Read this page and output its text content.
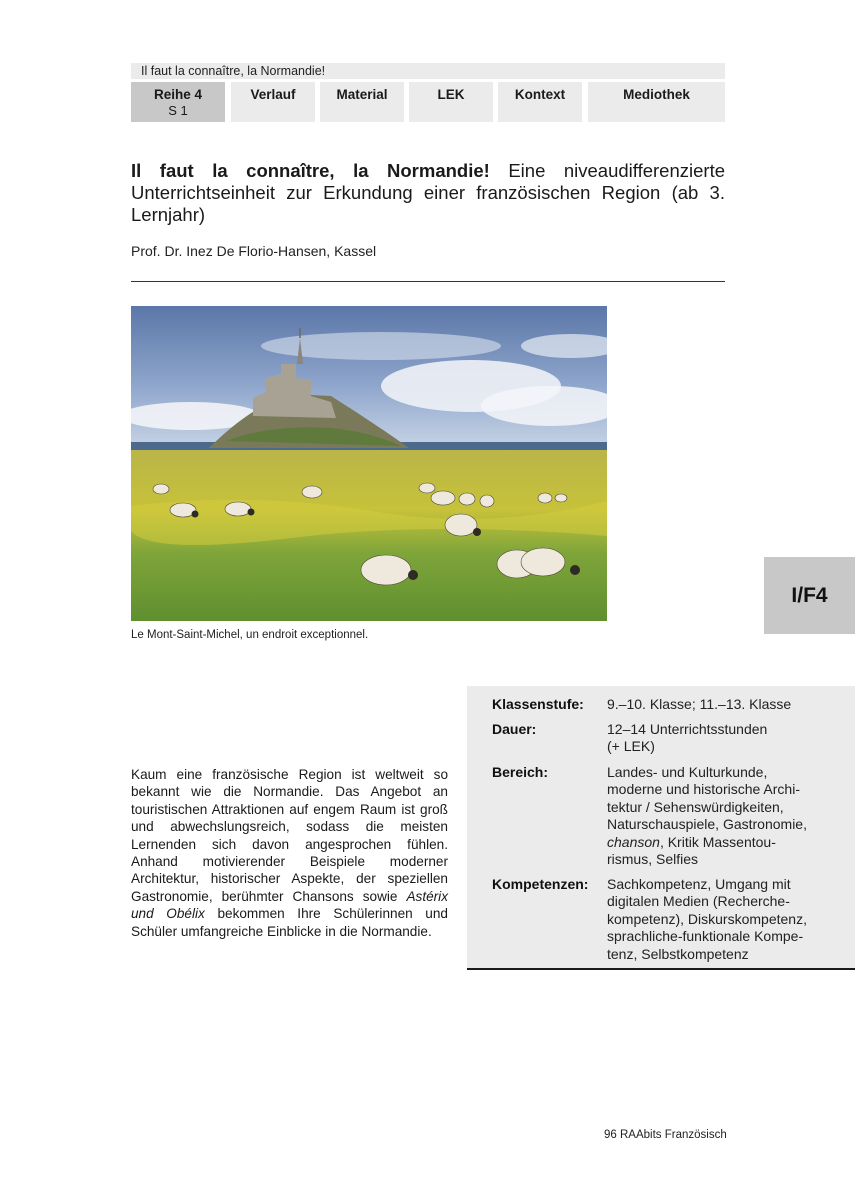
Il faut la connaître, la Normandie!
Reihe 4
S 1
Verlauf	Material	LEK	Kontext	Mediothek
Il faut la connaître, la Normandie! Eine niveaudifferenzierte Unterrichtseinheit zur Erkundung einer französischen Region (ab 3. Lernjahr)
Prof. Dr. Inez De Florio-Hansen, Kassel
Le Mont-Saint-Michel, un endroit exceptionnel.
I/F4
Kaum eine französische Region ist weltweit so bekannt wie die Normandie. Das Angebot an touristischen Attraktionen auf engem Raum ist groß und abwechslungsreich, sodass die meisten Lernenden sich davon angesprochen fühlen. Anhand motivierender Beispiele moderner Architektur, historischer Aspekte, der speziellen Gastronomie, berühmter Chansons sowie Astérix und Obélix bekommen Ihre Schülerinnen und Schüler umfangreiche Einblicke in die Normandie.
Klassenstufe: 9.–10. Klasse; 11.–13. Klasse
Dauer:	12–14 Unterrichtsstunden
(+ LEK)
Bereich:	Landes- und Kulturkunde,
moderne und historische Archi-
tektur / Sehenswürdigkeiten,
Naturschauspiele, Gastronomie,
chanson, Kritik Massentou-
rismus, Selfies
Kompetenzen: Sachkompetenz, Umgang mit
digitalen Medien (Recherche-
kompetenz), Diskurskompetenz,
sprachliche-funktionale Kompe-
tenz, Selbstkompetenz
96 RAAbits Französisch
